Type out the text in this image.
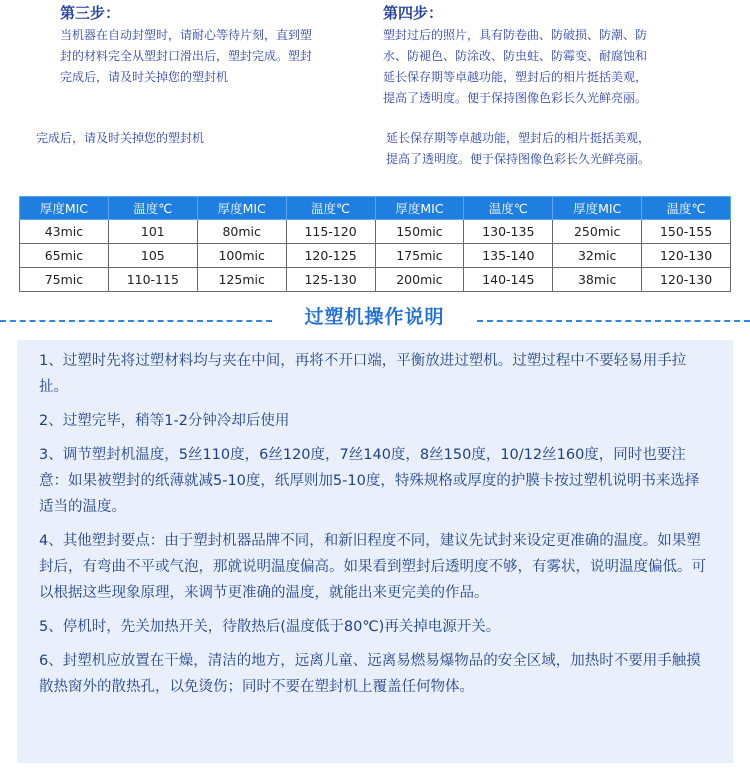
第三步：
当机器在自动封塑时，请耐心等待片刻，直到塑
封的材料完全从塑封口滑出后，塑封完成。塑封
完成后，请及时关掉您的塑封机
完成后，请及时关掉您的塑封机
第四步：
塑封过后的照片，具有防卷曲、防破损、防潮、防
水、防褪色、防涂改、防虫蛀、防霉变、耐腐蚀和
延长保存期等卓越功能，塑封后的相片挺括美观，
提高了透明度。便于保持图像色彩长久光鲜亮丽。
延长保存期等卓越功能，塑封后的相片挺括美观，
提高了透明度。便于保持图像色彩长久光鲜亮丽。
厚度MIC	温度℃	厚度MIC	温度℃	厚度MIC	温度℃	厚度MIC	温度℃
43mic	101	80mic	115-120	150mic	130-135	250mic	150-155
65mic	105	100mic	120-125	175mic	135-140	32mic	120-130
75mic	110-115	125mic	125-130	200mic	140-145	38mic	120-130
过塑机操作说明

1、过塑时先将过塑材料均与夹在中间，再将不开口端，平衡放进过塑机。过塑过程中不要轻易用手拉扯。

2、过塑完毕，稍等1-2分钟冷却后使用

3、调节塑封机温度，5丝110度，6丝120度，7丝140度，8丝150度，10/12丝160度，同时也要注意：如果被塑封的纸薄就减5-10度，纸厚则加5-10度，特殊规格或厚度的护膜卡按过塑机说明书来选择适当的温度。

4、其他塑封要点：由于塑封机器品牌不同，和新旧程度不同，建议先试封来设定更准确的温度。如果塑封后，有弯曲不平或气泡，那就说明温度偏高。如果看到塑封后透明度不够，有雾状，说明温度偏低。可以根据这些现象原理，来调节更准确的温度，就能出来更完美的作品。

5、停机时，先关加热开关，待散热后(温度低于80℃)再关掉电源开关。

6、封塑机应放置在干燥，清洁的地方，远离儿童、远离易燃易爆物品的安全区域，加热时不要用手触摸散热窗外的散热孔，以免烫伤；同时不要在塑封机上覆盖任何物体。
